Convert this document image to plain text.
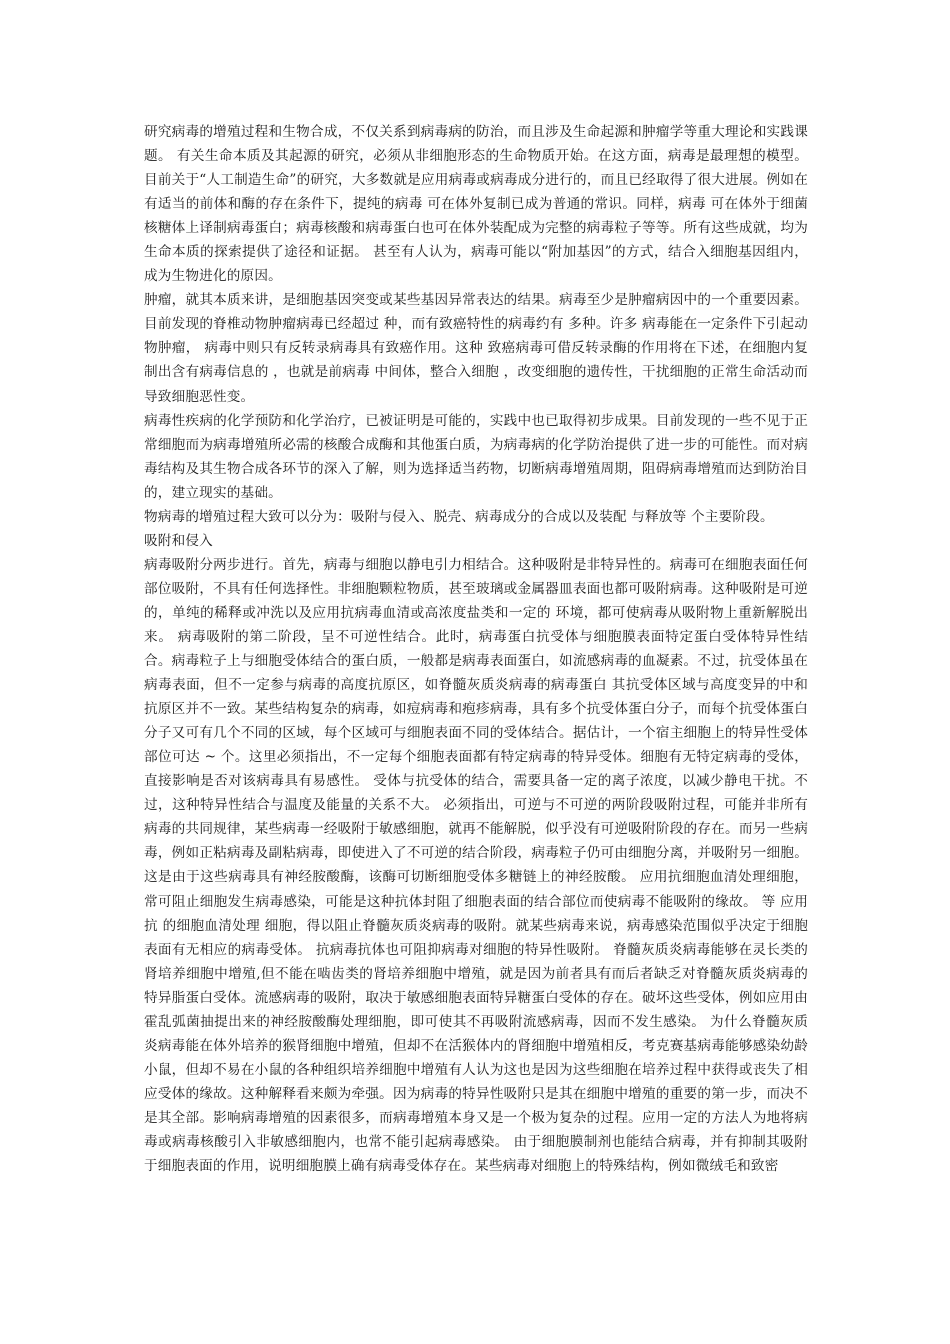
研究病毒的增殖过程和生物合成，不仅关系到病毒病的防治，而且涉及生命起源和肿瘤学等重大理论和实践课题。 有关生命本质及其起源的研究，必须从非细胞形态的生命物质开始。在这方面，病毒是最理想的模型。目前关于“人工制造生命”的研究，大多数就是应用病毒或病毒成分进行的，而且已经取得了很大进展。例如在有适当的前体和酶的存在条件下，提纯的病毒 可在体外复制已成为普通的常识。同样，病毒 可在体外于细菌核糖体上译制病毒蛋白；病毒核酸和病毒蛋白也可在体外装配成为完整的病毒粒子等等。所有这些成就，均为生命本质的探索提供了途径和证据。 甚至有人认为，病毒可能以“附加基因”的方式，结合入细胞基因组内，成为生物进化的原因。

肿瘤，就其本质来讲，是细胞基因突变或某些基因异常表达的结果。病毒至少是肿瘤病因中的一个重要因素。目前发现的脊椎动物肿瘤病毒已经超过 种，而有致癌特性的病毒约有 多种。许多 病毒能在一定条件下引起动物肿瘤， 病毒中则只有反转录病毒具有致癌作用。这种 致癌病毒可借反转录酶的作用将在下述，在细胞内复制出含有病毒信息的 ，也就是前病毒 中间体，整合入细胞 ，改变细胞的遗传性，干扰细胞的正常生命活动而导致细胞恶性变。

病毒性疾病的化学预防和化学治疗，已被证明是可能的，实践中也已取得初步成果。目前发现的一些不见于正常细胞而为病毒增殖所必需的核酸合成酶和其他蛋白质，为病毒病的化学防治提供了进一步的可能性。而对病毒结构及其生物合成各环节的深入了解，则为选择适当药物，切断病毒增殖周期，阻碍病毒增殖而达到防治目的，建立现实的基础。

物病毒的增殖过程大致可以分为：吸附与侵入、脱壳、病毒成分的合成以及装配 与释放等 个主要阶段。

吸附和侵入

病毒吸附分两步进行。首先，病毒与细胞以静电引力相结合。这种吸附是非特异性的。病毒可在细胞表面任何部位吸附，不具有任何选择性。非细胞颗粒物质，甚至玻璃或金属器皿表面也都可吸附病毒。这种吸附是可逆的，单纯的稀释或冲洗以及应用抗病毒血清或高浓度盐类和一定的 环境，都可使病毒从吸附物上重新解脱出来。 病毒吸附的第二阶段，呈不可逆性结合。此时，病毒蛋白抗受体与细胞膜表面特定蛋白受体特异性结合。病毒粒子上与细胞受体结合的蛋白质，一般都是病毒表面蛋白，如流感病毒的血凝素。不过，抗受体虽在病毒表面，但不一定参与病毒的高度抗原区，如脊髓灰质炎病毒的病毒蛋白 其抗受体区域与高度变异的中和抗原区并不一致。某些结构复杂的病毒，如痘病毒和疱疹病毒，具有多个抗受体蛋白分子，而每个抗受体蛋白分子又可有几个不同的区域，每个区域可与细胞表面不同的受体结合。据估计，一个宿主细胞上的特异性受体部位可达 ~ 个。这里必须指出，不一定每个细胞表面都有特定病毒的特异受体。细胞有无特定病毒的受体，直接影响是否对该病毒具有易感性。 受体与抗受体的结合，需要具备一定的离子浓度，以减少静电干扰。不过，这种特异性结合与温度及能量的关系不大。 必须指出，可逆与不可逆的两阶段吸附过程，可能并非所有病毒的共同规律，某些病毒一经吸附于敏感细胞，就再不能解脱，似乎没有可逆吸附阶段的存在。而另一些病毒，例如正粘病毒及副粘病毒，即使进入了不可逆的结合阶段，病毒粒子仍可由细胞分离，并吸附另一细胞。这是由于这些病毒具有神经胺酸酶，该酶可切断细胞受体多糖链上的神经胺酸。 应用抗细胞血清处理细胞，常可阻止细胞发生病毒感染，可能是这种抗体封阻了细胞表面的结合部位而使病毒不能吸附的缘故。 等 应用抗 的细胞血清处理 细胞，得以阻止脊髓灰质炎病毒的吸附。就某些病毒来说，病毒感染范围似乎决定于细胞表面有无相应的病毒受体。 抗病毒抗体也可阻抑病毒对细胞的特异性吸附。 脊髓灰质炎病毒能够在灵长类的肾培养细胞中增殖,但不能在啮齿类的肾培养细胞中增殖，就是因为前者具有而后者缺乏对脊髓灰质炎病毒的特异脂蛋白受体。流感病毒的吸附，取决于敏感细胞表面特异糖蛋白受体的存在。破坏这些受体，例如应用由霍乱弧菌抽提出来的神经胺酸酶处理细胞，即可使其不再吸附流感病毒，因而不发生感染。 为什么脊髓灰质炎病毒能在体外培养的猴肾细胞中增殖，但却不在活猴体内的肾细胞中增殖相反，考克赛基病毒能够感染幼龄小鼠，但却不易在小鼠的各种组织培养细胞中增殖有人认为这也是因为这些细胞在培养过程中获得或丧失了相应受体的缘故。这种解释看来颇为牵强。因为病毒的特异性吸附只是其在细胞中增殖的重要的第一步，而决不是其全部。影响病毒增殖的因素很多，而病毒增殖本身又是一个极为复杂的过程。应用一定的方法人为地将病毒或病毒核酸引入非敏感细胞内，也常不能引起病毒感染。 由于细胞膜制剂也能结合病毒，并有抑制其吸附于细胞表面的作用，说明细胞膜上确有病毒受体存在。某些病毒对细胞上的特殊结构，例如微绒毛和致密
